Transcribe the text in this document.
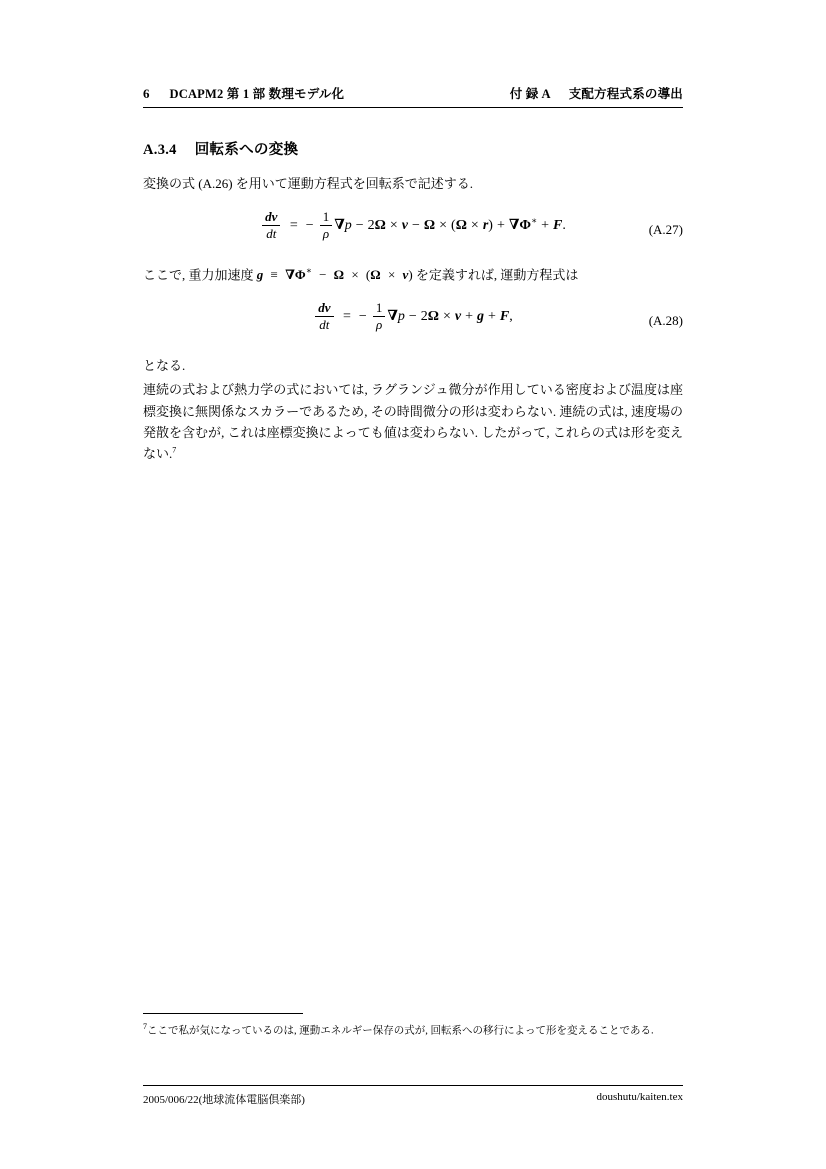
6 DCAPM2 第 1 部 数理モデル化	付 録 A 支配方程式系の導出
A.3.4 回転系への変換

変換の式 (A.26) を用いて運動方程式を回転系で記述する.

$\frac{dv}{dt}$ = − $\frac{1}{\rho} \nabla p - 2\Omega \times v - \Omega \times (\Omega \times r) + \nabla\Phi^∗ + F$.	(A.27)

ここで, 重力加速度 g ≡ ∇Φ∗ − Ω × (Ω × v) を定義すれば, 運動方程式は

$\frac{dv}{dt}$ = − $\frac{1}{\rho} \nabla p - 2\Omega \times v + g + F$,	(A.28)

となる.

連続の式および熱力学の式においては, ラグランジュ微分が作用している密度および温度は座標変換に無関係なスカラーであるため, その時間微分の形は変わらない. 連続の式は, 速度場の発散を含むが, これは座標変換によっても値は変わらない. したがって, これらの式は形を変えない.$^7$

$^7$ここで私が気になっているのは, 運動エネルギー保存の式が, 回転系への移行によって形を変えることである.
2005/006/22(地球流体電脳倶楽部)	doushutu/kaiten.tex
